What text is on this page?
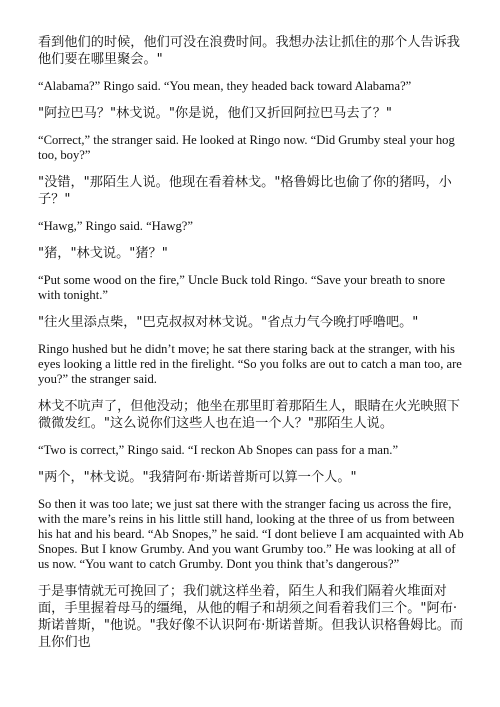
看到他们的时候，他们可没在浪费时间。我想办法让抓住的那个人告诉我他们要在哪里聚会。"

“Alabama?” Ringo said. “You mean, they headed back toward Alabama?”

"阿拉巴马？"林戈说。"你是说，他们又折回阿拉巴马去了？"

“Correct,” the stranger said. He looked at Ringo now. “Did Grumby steal your hog too, boy?”

"没错，"那陌生人说。他现在看着林戈。"格鲁姆比也偷了你的猪吗，小子？"

“Hawg,” Ringo said. “Hawg?”

"猪，"林戈说。"猪？"

“Put some wood on the fire,” Uncle Buck told Ringo. “Save your breath to snore with tonight.”

"往火里添点柴，"巴克叔叔对林戈说。"省点力气今晚打呼噜吧。"

Ringo hushed but he didn’t move; he sat there staring back at the stranger, with his eyes looking a little red in the firelight. “So you folks are out to catch a man too, are you?” the stranger said.

林戈不吭声了，但他没动；他坐在那里盯着那陌生人，眼睛在火光映照下微微发红。"这么说你们这些人也在追一个人？"那陌生人说。

“Two is correct,” Ringo said. “I reckon Ab Snopes can pass for a man.”

"两个，"林戈说。"我猜阿布·斯诺普斯可以算一个人。"

So then it was too late; we just sat there with the stranger facing us across the fire, with the mare’s reins in his little still hand, looking at the three of us from between his hat and his beard. “Ab Snopes,” he said. “I dont believe I am acquainted with Ab Snopes. But I know Grumby. And you want Grumby too.” He was looking at all of us now. “You want to catch Grumby. Dont you think that’s dangerous?”

于是事情就无可挽回了；我们就这样坐着，陌生人和我们隔着火堆面对面，手里握着母马的缰绳，从他的帽子和胡须之间看着我们三个。"阿布·斯诺普斯，"他说。"我好像不认识阿布·斯诺普斯。但我认识格鲁姆比。而且你们也
